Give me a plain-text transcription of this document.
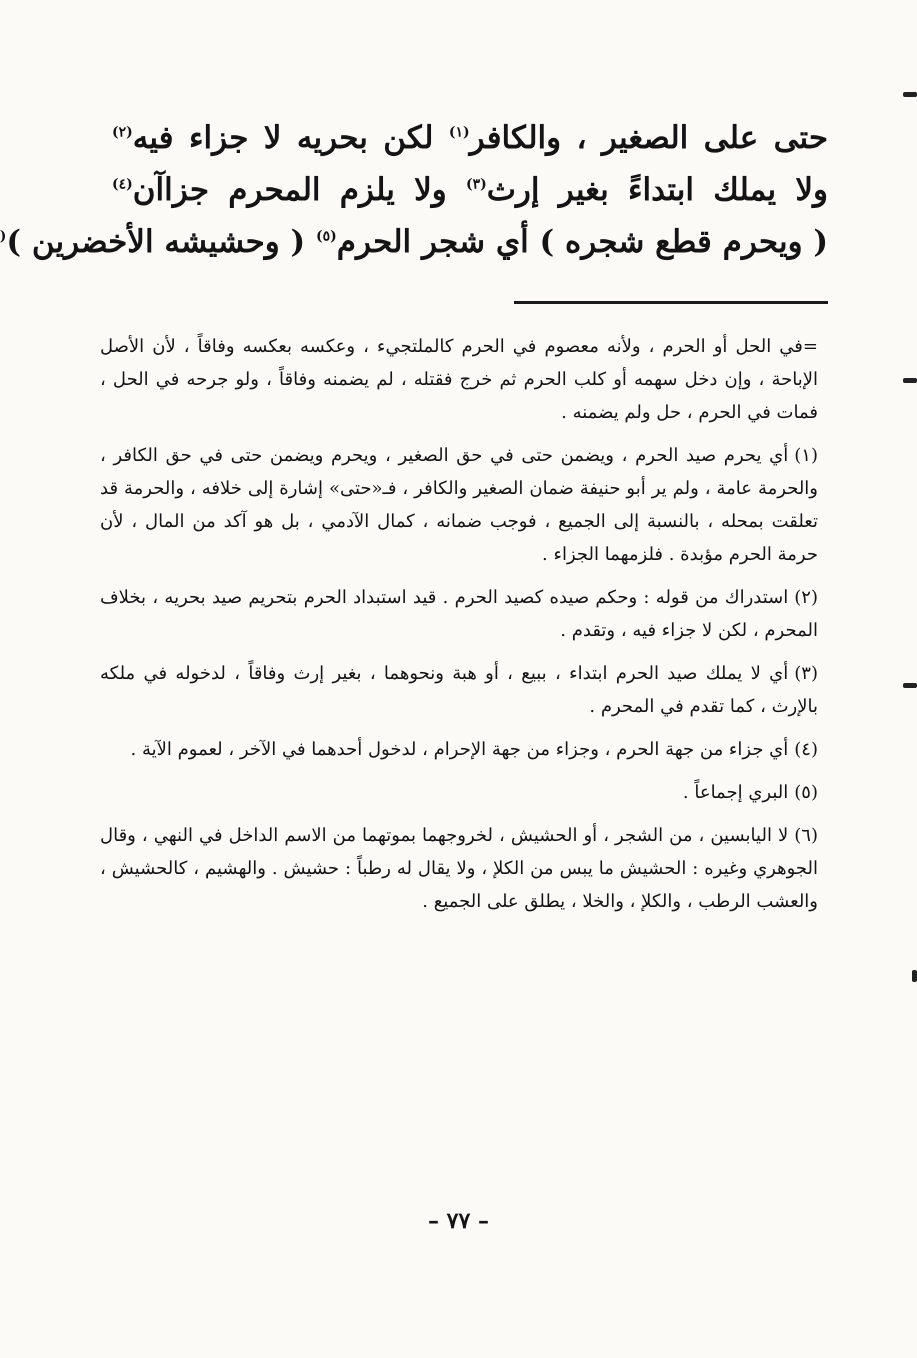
حتى على الصغير ، والكافر$^{(١)}$ لكن بحريه لا جزاء فيه$^{(٢)}$
ولا يملك ابتداءً بغير إرث$^{(٣)}$ ولا يلزم المحرم جزاآن$^{(٤)}$
( ويحرم قطع شجره ) أي شجر الحرم$^{(٥)}$ ( وحشيشه الأخضرين )(

=في الحل أو الحرم ، ولأنه معصوم في الحرم كالملتجيء ، وعكسه بعكسه وفاقاً ، لأن الأصل الإباحة ، وإن دخل سهمه أو كلب الحرم ثم خرج فقتله ، لم يضمنه وفاقاً ، ولو جرحه في الحل ، فمات في الحرم ، حل ولم يضمنه .

(١)أي يحرم صيد الحرم ، ويضمن حتى في حق الصغير ، ويحرم ويضمن حتى في حق الكافر ، والحرمة عامة ، ولم ير أبو حنيفة ضمان الصغير والكافر ، فـ«حتى» إشارة إلى خلافه ، والحرمة قد تعلقت بمحله ، بالنسبة إلى الجميع ، فوجب ضمانه ، كمال الآدمي ، بل هو آكد من المال ، لأن حرمة الحرم مؤبدة . فلزمهما الجزاء .

(٢)استدراك من قوله : وحكم صيده كصيد الحرم . قيد استبداد الحرم بتحريم صيد بحريه ، بخلاف المحرم ، لكن لا جزاء فيه ، وتقدم .

(٣)أي لا يملك صيد الحرم ابتداء ، ببيع ، أو هبة ونحوهما ، بغير إرث وفاقاً ، لدخوله في ملكه بالإرث ، كما تقدم في المحرم .

(٤)أي جزاء من جهة الحرم ، وجزاء من جهة الإحرام ، لدخول أحدهما في الآخر ، لعموم الآية .

(٥)البري إجماعاً .

(٦)لا اليابسين ، من الشجر ، أو الحشيش ، لخروجهما بموتهما من الاسم الداخل في النهي ، وقال الجوهري وغيره : الحشيش ما يبس من الكلإ ، ولا يقال له رطباً : حشيش . والهشيم ، كالحشيش ، والعشب الرطب ، والكلإ ، والخلا ، يطلق على الجميع .

– ٧٧ –
